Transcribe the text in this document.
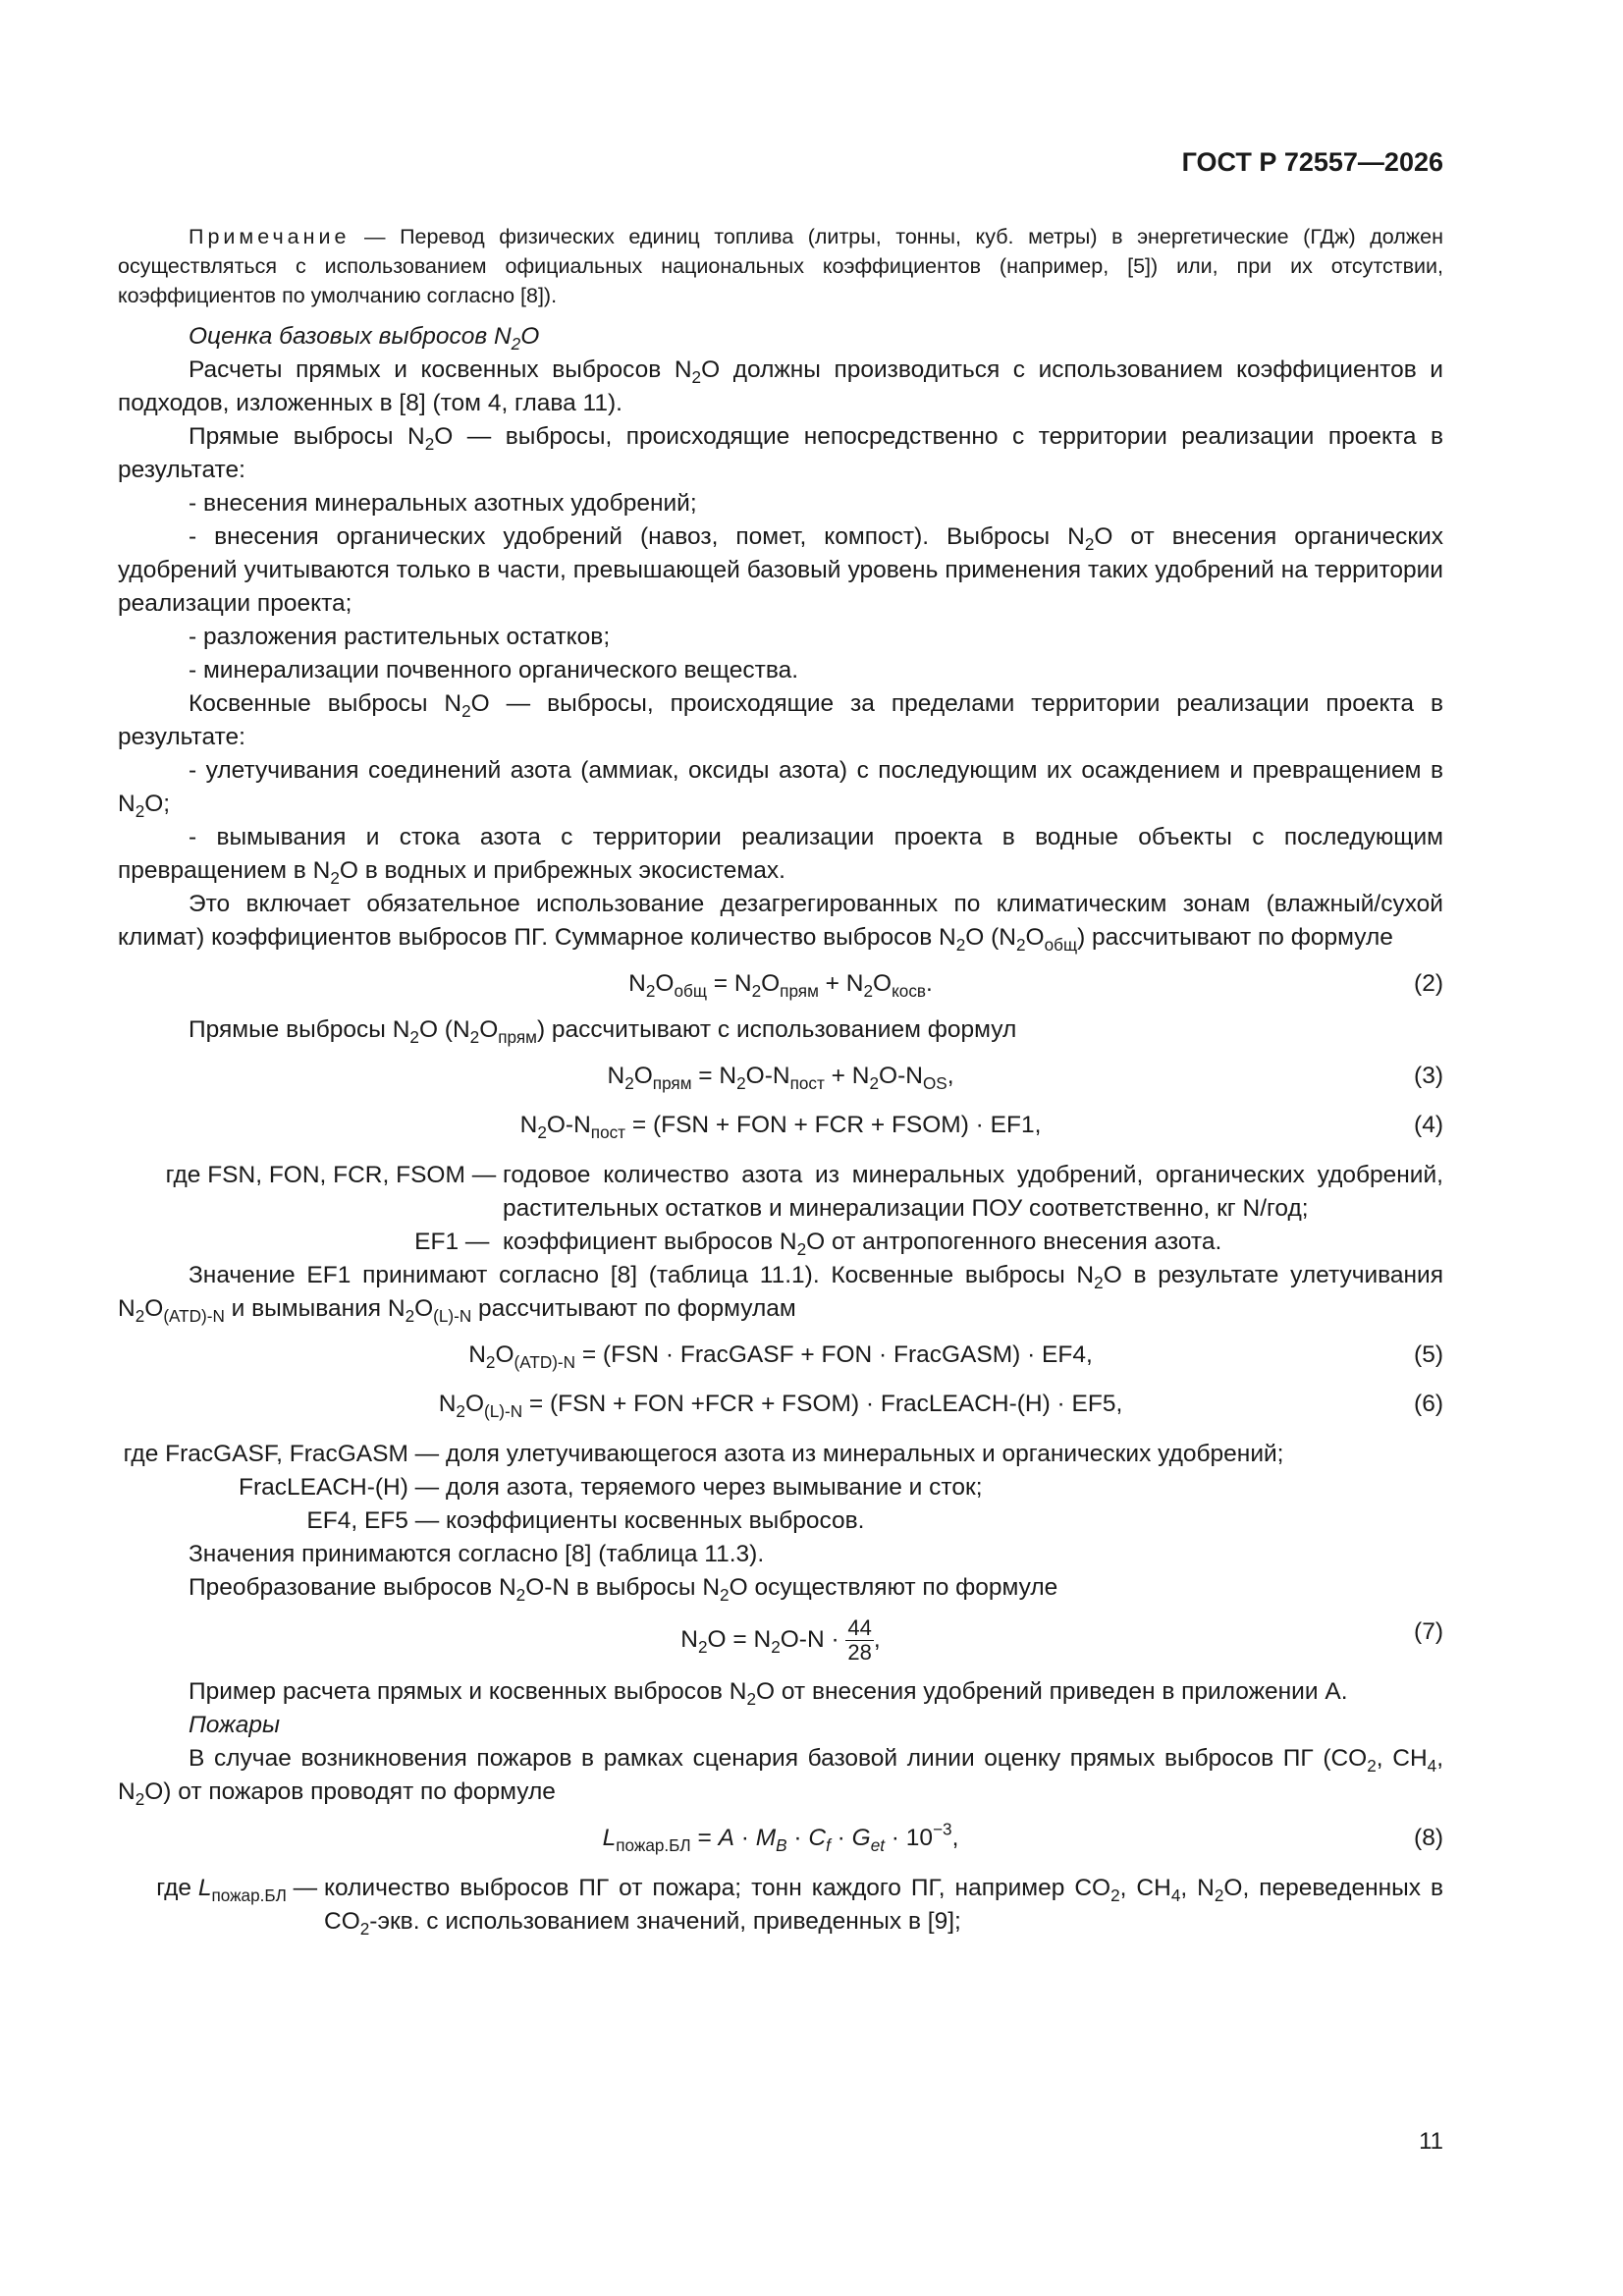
ГОСТ Р 72557—2026

Примечание — Перевод физических единиц топлива (литры, тонны, куб. метры) в энергетические (ГДж) должен осуществляться с использованием официальных национальных коэффициентов (например, [5]) или, при их отсутствии, коэффициентов по умолчанию согласно [8]).

Оценка базовых выбросов $N_2O$

Расчеты прямых и косвенных выбросов $N_2O$ должны производиться с использованием коэффициентов и подходов, изложенных в [8] (том 4, глава 11).

Прямые выбросы $N_2O$ — выбросы, происходящие непосредственно с территории реализации проекта в результате:

- внесения минеральных азотных удобрений;

- внесения органических удобрений (навоз, помет, компост). Выбросы $N_2O$ от внесения органических удобрений учитываются только в части, превышающей базовый уровень применения таких удобрений на территории реализации проекта;

- разложения растительных остатков;

- минерализации почвенного органического вещества.

Косвенные выбросы $N_2O$ — выбросы, происходящие за пределами территории реализации проекта в результате:

- улетучивания соединений азота (аммиак, оксиды азота) с последующим их осаждением и превращением в $N_2O$;

- вымывания и стока азота с территории реализации проекта в водные объекты с последующим превращением в $N_2O$ в водных и прибрежных экосистемах.

Это включает обязательное использование дезагрегированных по климатическим зонам (влажный/сухой климат) коэффициентов выбросов ПГ. Суммарное количество выбросов $N_2O$ $(N_2O_{общ})$ рассчитывают по формуле

$N_2O_{общ} = N_2O_{прям} + N_2O_{косв}$.	(2)

Прямые выбросы $N_2O$ $(N_2O_{прям})$ рассчитывают с использованием формул

$N_2O_{прям} = N_2O-N_{пост} + N_2O-N_{OS}$,	(3)
$N_2O-N_{пост} = (FSN$ + FON + FCR + FSOM) · EF1,	(4)
где FSN, FON, FCR, FSOM — годовое количество азота из минеральных удобрений, органических удобрений, растительных остатков и минерализации ПОУ соответственно, кг N/год;
EF1 — коэффициент выбросов $N_2O$ от антропогенного внесения азота.

Значение EF1 принимают согласно [8] (таблица 11.1). Косвенные выбросы $N_2O$ в результате улетучивания $N_2O_{(ATD)-N}$ и вымывания $N_2O_{(L)-N}$ рассчитывают по формулам

$N_2O_{(ATD)-N} = (FSN$ · FracGASF + FON · FracGASM) · EF4,	(5)
$N_2O_{(L)-N} = (FSN$ + FON +FCR + FSOM) · FracLEACH-(H) · EF5,	(6)
где FracGASF, FracGASM — доля улетучивающегося азота из минеральных и органических удобрений;
FracLEACH-(H) — доля азота, теряемого через вымывание и сток;
EF4, EF5 — коэффициенты косвенных выбросов.

Значения принимаются согласно [8] (таблица 11.3).

Преобразование выбросов $N_2O-N$ в выбросы $N_2O$ осуществляют по формуле

$N_2O = N_2O-N \cdot \frac{44}{28}$ ,	(7)

Пример расчета прямых и косвенных выбросов $N_2O$ от внесения удобрений приведен в приложении А.

Пожары

В случае возникновения пожаров в рамках сценария базовой линии оценку прямых выбросов ПГ ($CO_2$, $CH_4$, $N_2O$) от пожаров проводят по формуле

$L_{пожар.БЛ} = A \cdot M_B \cdot C_f \cdot G_{et} \cdot 10^{-3}$,	(8)
где $L_{пожар.БЛ}$ — количество выбросов ПГ от пожара; тонн каждого ПГ, например $CO_2$, $CH_4$, $N_2O$, переведенных в $CO_2$-экв. с использованием значений, приведенных в [9];
11
